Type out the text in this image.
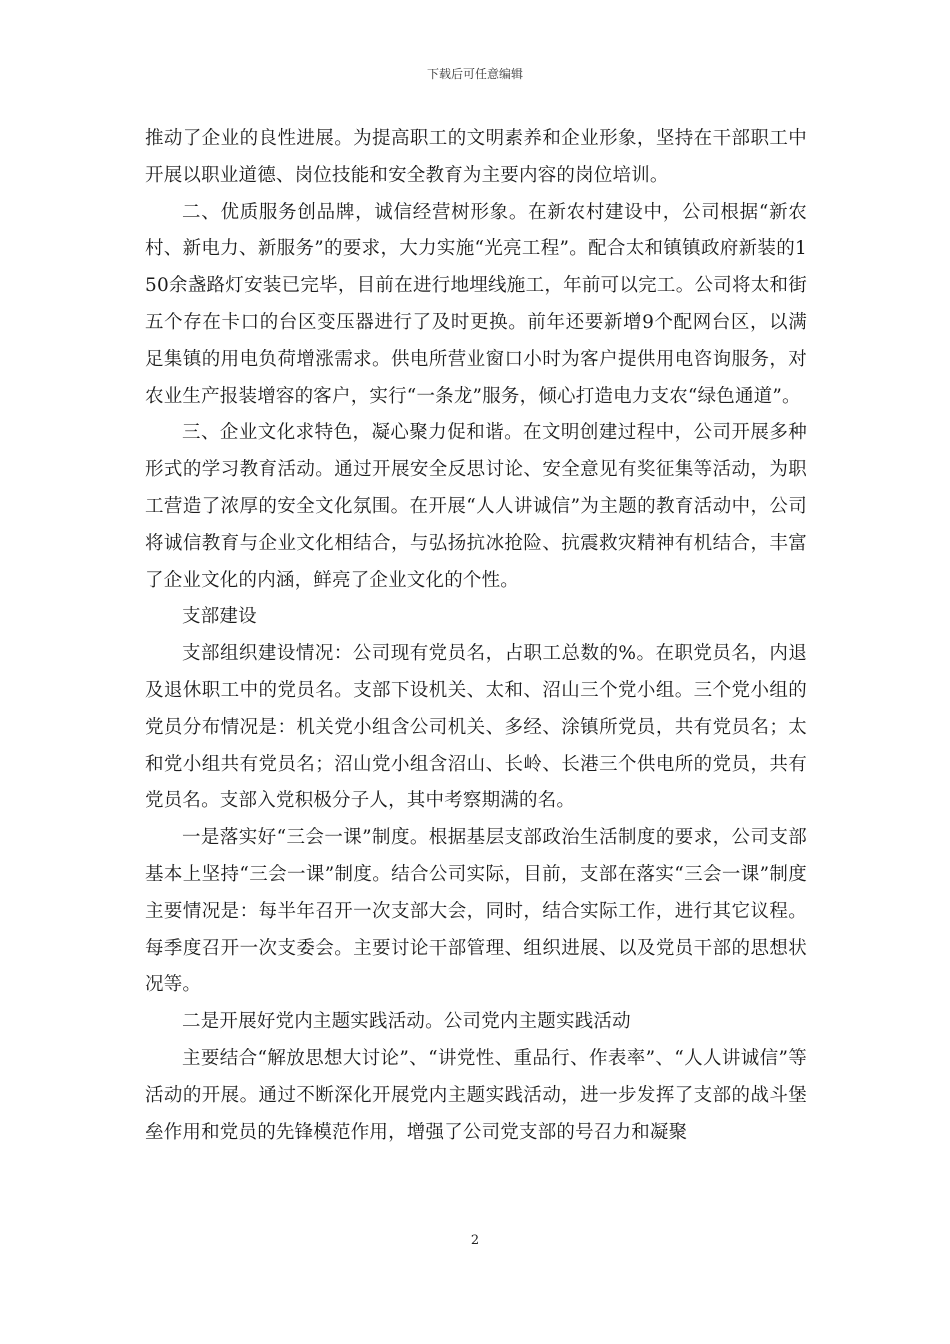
下载后可任意编辑

推动了企业的良性进展。为提高职工的文明素养和企业形象，坚持在干部职工中开展以职业道德、岗位技能和安全教育为主要内容的岗位培训。

二、优质服务创品牌，诚信经营树形象。在新农村建设中，公司根据“新农村、新电力、新服务”的要求，大力实施“光亮工程”。配合太和镇镇政府新装的150余盏路灯安装已完毕，目前在进行地埋线施工，年前可以完工。公司将太和街五个存在卡口的台区变压器进行了及时更换。前年还要新增9个配网台区，以满足集镇的用电负荷增涨需求。供电所营业窗口小时为客户提供用电咨询服务，对农业生产报装增容的客户，实行“一条龙”服务，倾心打造电力支农“绿色通道”。

三、企业文化求特色，凝心聚力促和谐。在文明创建过程中，公司开展多种形式的学习教育活动。通过开展安全反思讨论、安全意见有奖征集等活动，为职工营造了浓厚的安全文化氛围。在开展“人人讲诚信”为主题的教育活动中，公司将诚信教育与企业文化相结合，与弘扬抗冰抢险、抗震救灾精神有机结合，丰富了企业文化的内涵，鲜亮了企业文化的个性。

支部建设

支部组织建设情况：公司现有党员名，占职工总数的%。在职党员名，内退及退休职工中的党员名。支部下设机关、太和、沼山三个党小组。三个党小组的党员分布情况是：机关党小组含公司机关、多经、涂镇所党员，共有党员名；太和党小组共有党员名；沼山党小组含沼山、长岭、长港三个供电所的党员，共有党员名。支部入党积极分子人，其中考察期满的名。

一是落实好“三会一课”制度。根据基层支部政治生活制度的要求，公司支部基本上坚持“三会一课”制度。结合公司实际，目前，支部在落实“三会一课”制度主要情况是：每半年召开一次支部大会，同时，结合实际工作，进行其它议程。每季度召开一次支委会。主要讨论干部管理、组织进展、以及党员干部的思想状况等。

二是开展好党内主题实践活动。公司党内主题实践活动

主要结合“解放思想大讨论”、“讲党性、重品行、作表率”、“人人讲诚信”等活动的开展。通过不断深化开展党内主题实践活动，进一步发挥了支部的战斗堡垒作用和党员的先锋模范作用，增强了公司党支部的号召力和凝聚

2
